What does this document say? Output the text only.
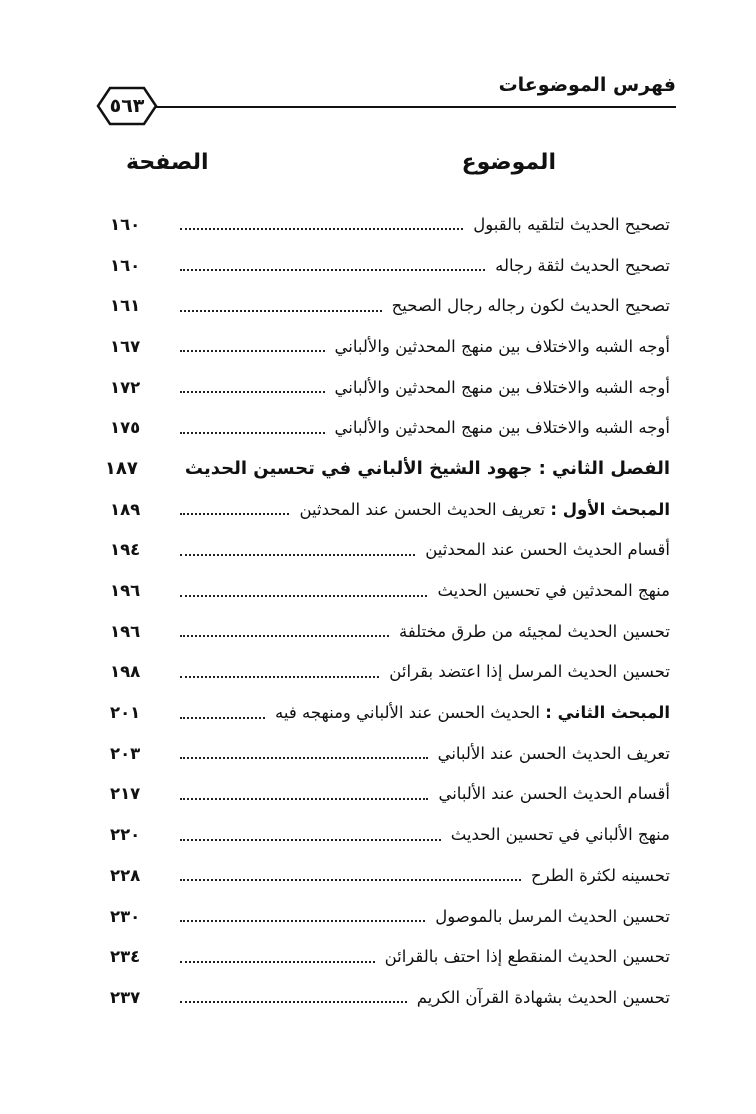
فهرس الموضوعات
٥٦٣
الموضوع
الصفحة
تصحيح الحديث لتلقيه بالقبول
١٦٠
تصحيح الحديث لثقة رجاله
١٦٠
تصحيح الحديث لكون رجاله رجال الصحيح
١٦١
أوجه الشبه والاختلاف بين منهج المحدثين والألباني
١٦٧
أوجه الشبه والاختلاف بين منهج المحدثين والألباني
١٧٢
أوجه الشبه والاختلاف بين منهج المحدثين والألباني
١٧٥
الفصل الثاني : جهود الشيخ الألباني في تحسين الحديث
١٨٧
المبحث الأول : تعريف الحديث الحسن عند المحدثين
١٨٩
أقسام الحديث الحسن عند المحدثين
١٩٤
منهج المحدثين في تحسين الحديث
١٩٦
تحسين الحديث لمجيئه من طرق مختلفة
١٩٦
تحسين الحديث المرسل إذا اعتضد بقرائن
١٩٨
المبحث الثاني : الحديث الحسن عند الألباني ومنهجه فيه
٢٠١
تعريف الحديث الحسن عند الألباني
٢٠٣
أقسام الحديث الحسن عند الألباني
٢١٧
منهج الألباني في تحسين الحديث
٢٢٠
تحسينه لكثرة الطرح
٢٢٨
تحسين الحديث المرسل بالموصول
٢٣٠
تحسين الحديث المنقطع إذا احتف بالقرائن
٢٣٤
تحسين الحديث بشهادة القرآن الكريم
٢٣٧
